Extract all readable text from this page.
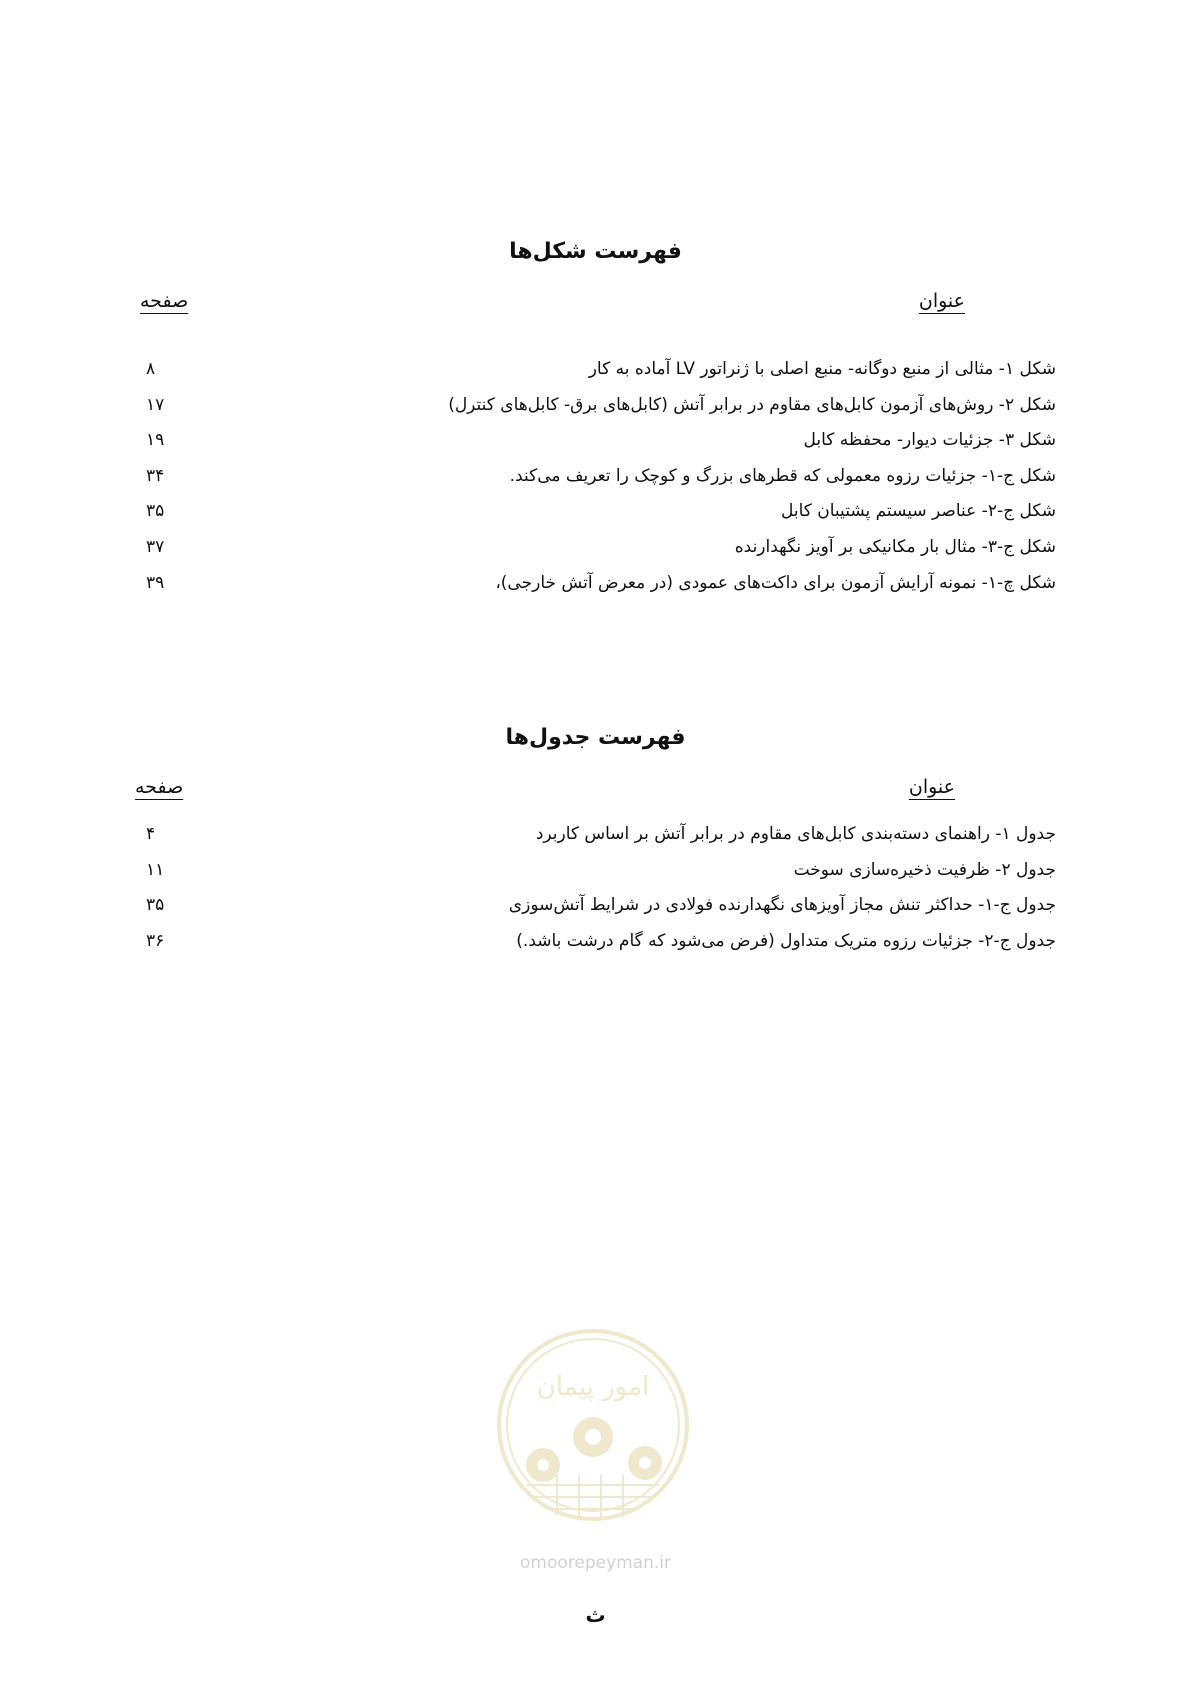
فهرست شکل‌ها
عنوان
صفحه
شکل ۱- مثالی از منبع دوگانه- منبع اصلی با ژنراتور LV آماده به کار
۸
شکل ۲- روش‌های آزمون کابل‌های مقاوم در برابر آتش (کابل‌های برق- کابل‌های کنترل)
۱۷
شکل ۳- جزئیات دیوار- محفظه کابل
۱۹
شکل ج-۱- جزئیات رزوه معمولی که قطرهای بزرگ و کوچک را تعریف می‌کند.
۳۴
شکل ج-۲- عناصر سیستم پشتیبان کابل
۳۵
شکل ج-۳- مثال بار مکانیکی بر آویز نگهدارنده
۳۷
شکل چ-۱- نمونه آرایش آزمون برای داکت‌های عمودی (در معرض آتش خارجی)،
۳۹
فهرست جدول‌ها
عنوان
صفحه
جدول ۱- راهنمای دسته‌بندی کابل‌های مقاوم در برابر آتش بر اساس کاربرد
۴
جدول ۲- ظرفیت ذخیره‌سازی سوخت
۱۱
جدول ج-۱- حداکثر تنش مجاز آویزهای نگهدارنده فولادی در شرایط آتش‌سوزی
۳۵
جدول ج-۲- جزئیات رزوه متریک متداول (فرض می‌شود که گام درشت باشد.)
۳۶
امور پیمان
omoorepeyman.ir
ث
